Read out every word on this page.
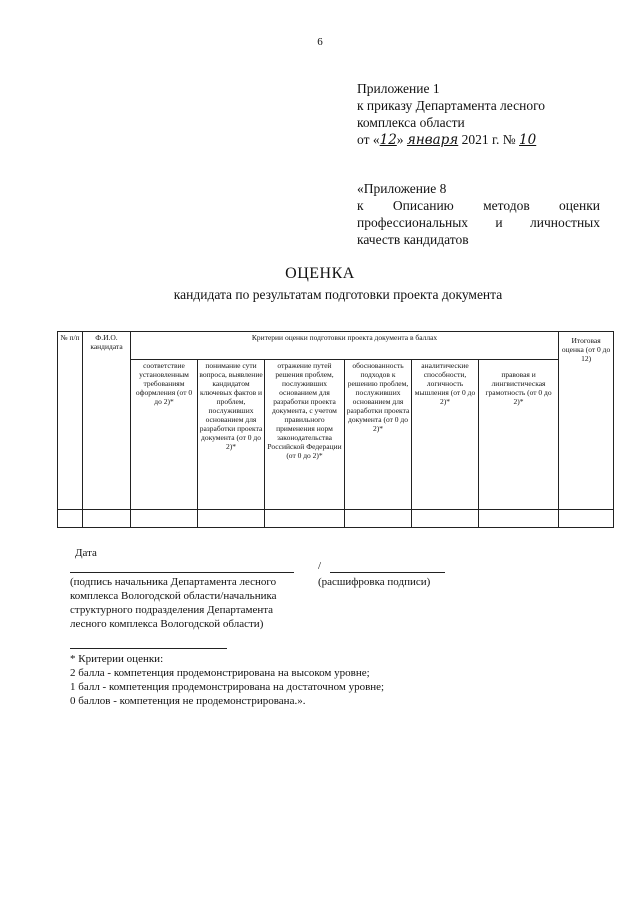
6
Приложение 1
к приказу Департамента лесного
комплекса области
от «12» января 2021 г. № 10
«Приложение 8
к Описанию методов оценки
профессиональных и личностных
качеств кандидатов
ОЦЕНКА
кандидата по результатам подготовки проекта документа
№ п/п	Ф.И.О. кандидата	Критерии оценки подготовки проекта документа в баллах						Итоговая оценка (от 0 до 12)
		соответствие установленным требованиям оформления (от 0 до 2)*	понимание сути вопроса, выявление кандидатом ключевых фактов и проблем, послуживших основанием для разработки проекта документа (от 0 до 2)*	отражение путей решения проблем, послуживших основанием для разработки проекта документа, с учетом правильного применения норм законодательства Российской Федерации (от 0 до 2)*	обоснованность подходов к решению проблем, послуживших основанием для разработки проекта документа (от 0 до 2)*	аналитические способности, логичность мышления (от 0 до 2)*	правовая и лингвистическая грамотность (от 0 до 2)*	

Дата
/
(подпись начальника Департамента лесного комплекса Вологодской области/начальника структурного подразделения Департамента лесного комплекса Вологодской области)
(расшифровка подписи)
* Критерии оценки:
2 балла - компетенция продемонстрирована на высоком уровне;
1 балл - компетенция продемонстрирована на достаточном уровне;
0 баллов - компетенция не продемонстрирована.».
